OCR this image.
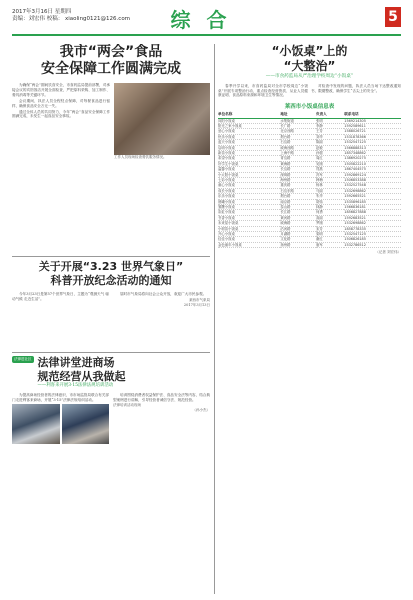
2017年3月16日 星期四
责编：刘宏伟 校稿： xiaoling0121@126.com	综合	5
我市“两会”食品
安全保障工作圆满完成

为确保“两会”期间饮食安全，市食药监局提前部署，对承接会议的宾馆饭店开展全面检查，严把原料采购、加工制作、餐具消毒等关键环节。

会议期间，执法人员全程驻点保障，对每餐食品进行留样，确保食品安全万无一失。

通过全体人员的共同努力，今年“两会”食品安全保障工作圆满完成，未发生一起食品安全事故。

工作人员现场检查餐饮服务情况。
关于开展“3.23 世界气象日”
科普开放纪念活动的通知

今年3月23日是第57个世界气象日，主题为“观测天气 驱动气候 走近生活”。

届时市气象局将向社会公众开放，欢迎广大市民参观。

莱西市气象局
2017年3月13日
法律进社区 法律讲堂进商场
规范经营从我做起
——利客来开展3·15法律法规培训活动

为提高商场经营者的法律意识，市市场监管局联合有关部门走进利客来商场，开展“3·15”法律法规培训活动。

培训围绕消费者权益保护法、食品安全法等内容，结合典型案例进行讲解，引导经营者诚信守法、规范经营。

法律培训活动现场
（孙小杰）
“小饭桌”上的
“大整治”
——市食药监局从严治理学校周边“小饭桌”

春季开学以来，市食药监局对全市学校周边“小饭桌”开展专项整治行动，重点检查经营资质、从业人员健康证明、食品原料来源和环境卫生等情况。

对检查中发现的问题，执法人员当场下达整改通知书，限期整改，确保学生“舌尖上的安全”。

莱西市小饭桌信息表
单位名称	地址	负责人	联系电话
向阳小饭桌	水集街道	张明	1569214305
阳光之家小饭桌	长广路	李静	1592589611
爱心小饭桌	北京西路	王芳	1588026721
快乐小饭桌	烟台路	刘华	1531878366
蓝天小饭桌	石岛路	陈丽	1532547125
启明小饭桌	威海西路	赵敏	1566888313
新苗小饭桌	上海中路	孙强	1857348862
希望小饭桌	青岛路	周红	1386920275
好学生小饭桌	黄海路	吴刚	1505822210
温馨小饭桌	长岛路	郑燕	1867404575
小太阳小饭桌	深圳路	冯军	1592869124
七彩小饭桌	海州路	韩梅	1506853388
童心小饭桌	重庆路	杨林	1532527548
成长小饭桌	石岛东路	马丽	1532698862
乐乐小饭桌	烟台路	朱华	1592665521
晨曦小饭桌	南京路	胡伟	1535896185
雏鹰小饭桌	泰山路	林静	1566836181
彩虹小饭桌	长江路	何勇	1856827888
书香小饭桌	黄河路	高丽	1592683521
未来星小饭桌	威海路	罗刚	1532698862
小树苗小饭桌	沽河路	宋芳	1858778335
开心小饭桌	月湖路	梁明	1532547125
佳佳小饭桌	文化路	谢红	1506826185
金色童年小饭桌	扬州路	唐军	1532786512
（记者 刘宏伟）
